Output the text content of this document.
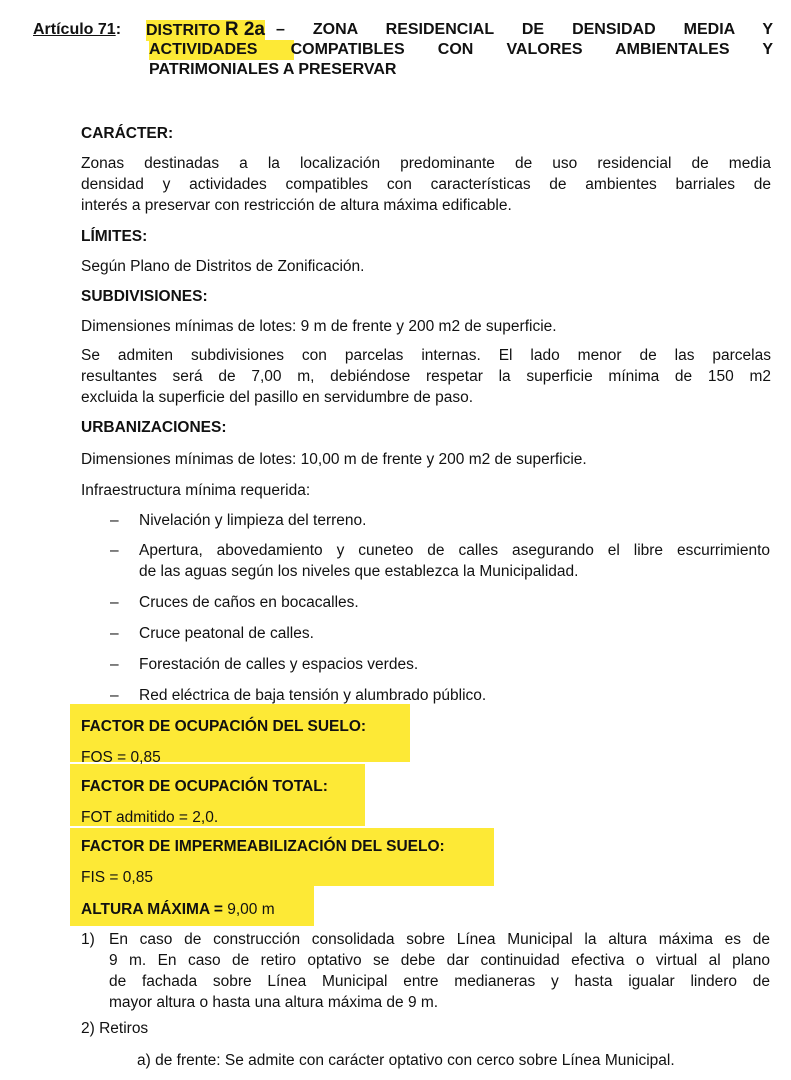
Artículo 71: DISTRITO R 2a – ZONA RESIDENCIAL DE DENSIDAD MEDIA Y
ACTIVIDADES COMPATIBLES CON VALORES AMBIENTALES Y
PATRIMONIALES A PRESERVAR
CARÁCTER:
Zonas destinadas a la localización predominante de uso residencial de media
densidad y actividades compatibles con características de ambientes barriales de
interés a preservar con restricción de altura máxima edificable.
LÍMITES:
Según Plano de Distritos de Zonificación.
SUBDIVISIONES:
Dimensiones mínimas de lotes: 9 m de frente y 200 m2 de superficie.
Se admiten subdivisiones con parcelas internas. El lado menor de las parcelas
resultantes será de 7,00 m, debiéndose respetar la superficie mínima de 150 m2
excluida la superficie del pasillo en servidumbre de paso.
URBANIZACIONES:
Dimensiones mínimas de lotes: 10,00 m de frente y 200 m2 de superficie.
Infraestructura mínima requerida:
– Nivelación y limpieza del terreno.
– Apertura, abovedamiento y cuneteo de calles asegurando el libre escurrimiento
de las aguas según los niveles que establezca la Municipalidad.
– Cruces de caños en bocacalles.
– Cruce peatonal de calles.
– Forestación de calles y espacios verdes.
– Red eléctrica de baja tensión y alumbrado público.
FACTOR DE OCUPACIÓN DEL SUELO:
FOS = 0,85
FACTOR DE OCUPACIÓN TOTAL:
FOT admitido = 2,0.
FACTOR DE IMPERMEABILIZACIÓN DEL SUELO:
FIS = 0,85
ALTURA MÁXIMA = 9,00 m
1) En caso de construcción consolidada sobre Línea Municipal la altura máxima es de
9 m. En caso de retiro optativo se debe dar continuidad efectiva o virtual al plano
de fachada sobre Línea Municipal entre medianeras y hasta igualar lindero de
mayor altura o hasta una altura máxima de 9 m.
2) Retiros
a) de frente: Se admite con carácter optativo con cerco sobre Línea Municipal.
